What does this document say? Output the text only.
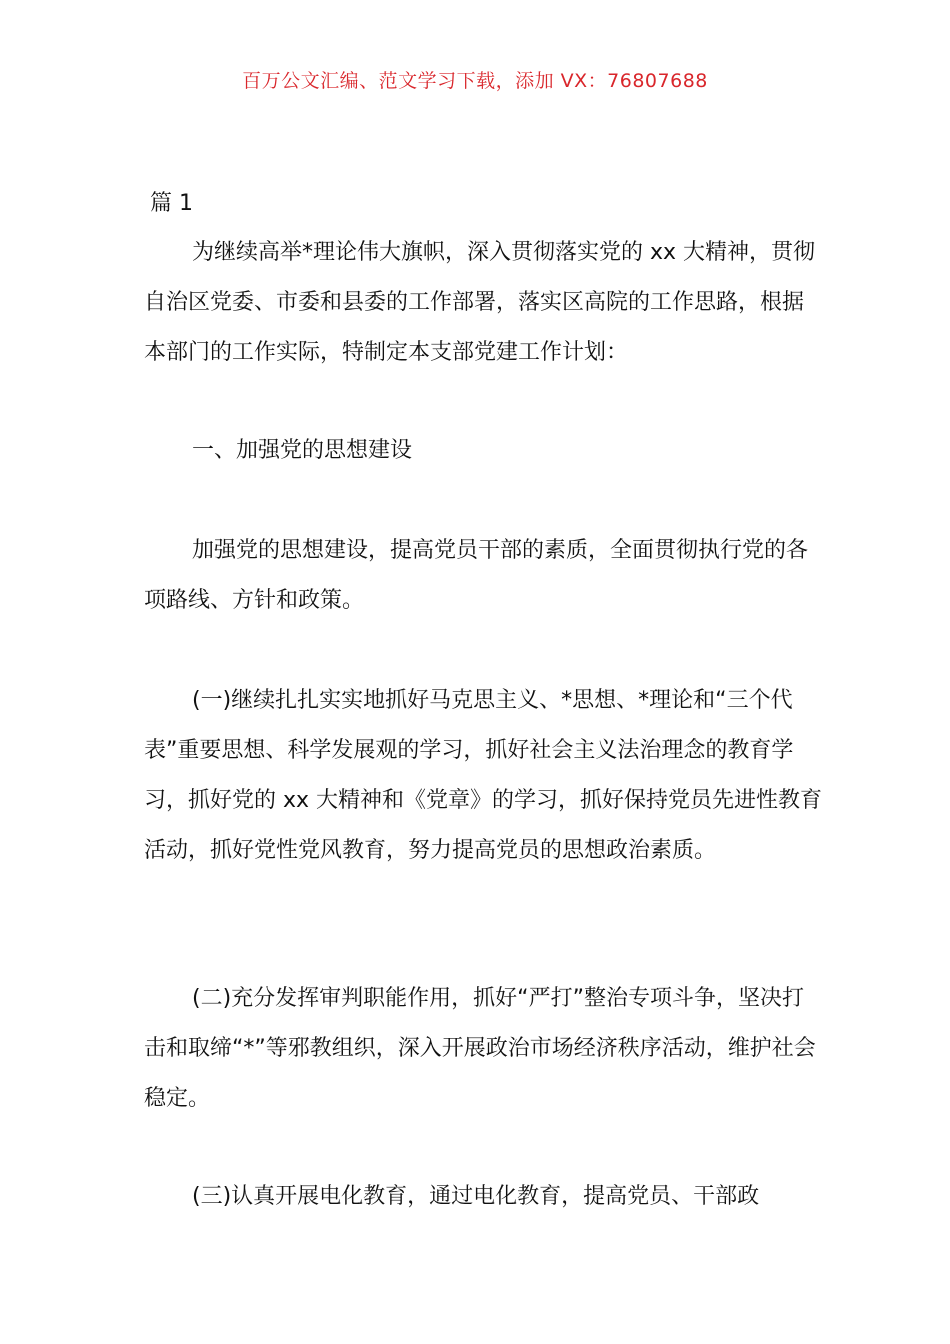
百万公文汇编、范文学习下载，添加 VX：76807688
篇 1

为继续高举*理论伟大旗帜，深入贯彻落实党的 xx 大精神，贯彻自治区党委、市委和县委的工作部署，落实区高院的工作思路，根据本部门的工作实际，特制定本支部党建工作计划：

一、加强党的思想建设

加强党的思想建设，提高党员干部的素质，全面贯彻执行党的各项路线、方针和政策。

(一)继续扎扎实实地抓好马克思主义、*思想、*理论和“三个代表”重要思想、科学发展观的学习，抓好社会主义法治理念的教育学习，抓好党的 xx 大精神和《党章》的学习，抓好保持党员先进性教育活动，抓好党性党风教育，努力提高党员的思想政治素质。

(二)充分发挥审判职能作用，抓好“严打”整治专项斗争，坚决打击和取缔“*”等邪教组织，深入开展政治市场经济秩序活动，维护社会稳定。

(三)认真开展电化教育，通过电化教育，提高党员、干部政
